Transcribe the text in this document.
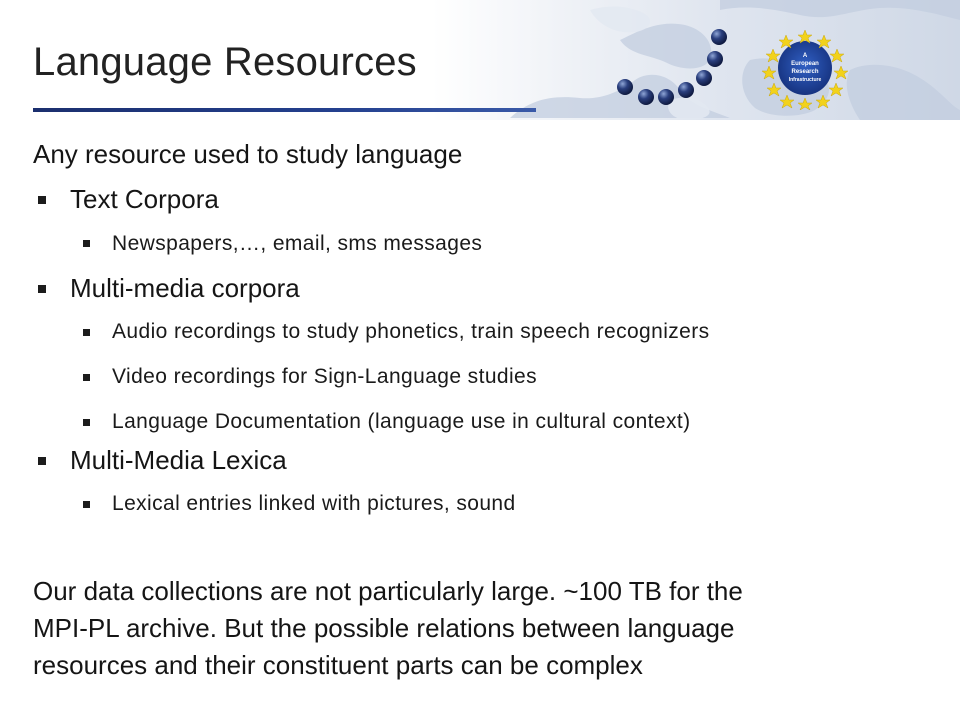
A
European
Research
Infrastructure
Language Resources
Any resource used to study language
Text Corpora
Newspapers,…, email, sms messages
Multi-media corpora
Audio recordings to study phonetics, train speech recognizers
Video recordings for Sign-Language studies
Language Documentation (language use in cultural context)
Multi-Media Lexica
Lexical entries linked with pictures, sound
Our data collections are not particularly large. ~100 TB for the
MPI-PL archive. But the possible relations between language
resources and their constituent parts can be complex
